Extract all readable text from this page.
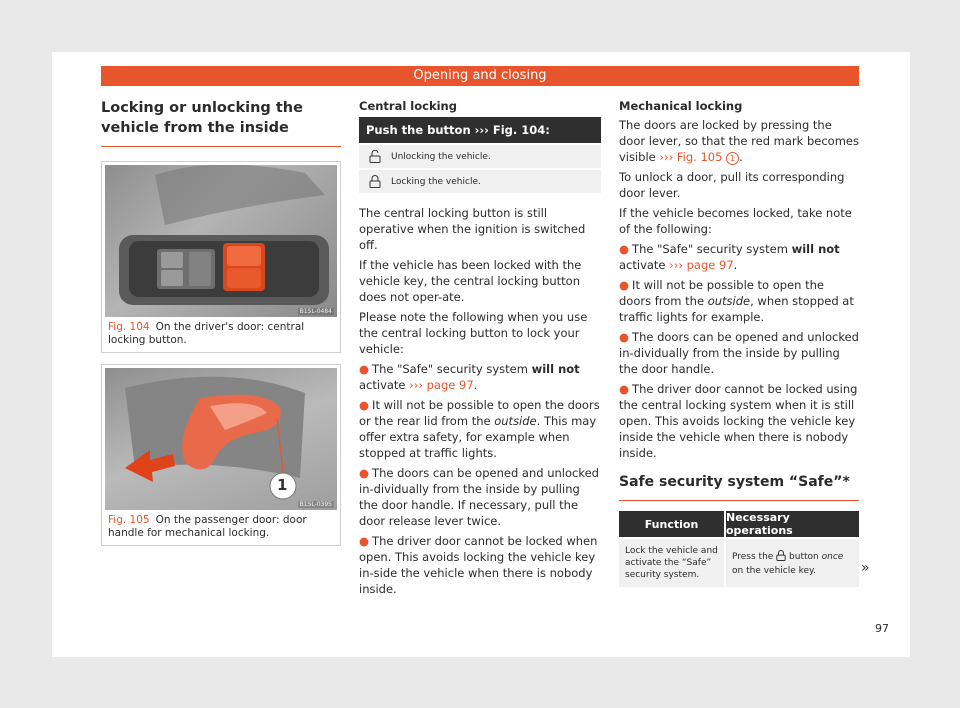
Opening and closing
Locking or unlocking the vehicle from the inside
B1SL-0484
Fig. 104 On the driver's door: central locking button.
1
B1SL-0395
Fig. 105 On the passenger door: door handle for mechanical locking.
Central locking
Push the button ››› Fig. 104:
Unlocking the vehicle.
Locking the vehicle.

The central locking button is still operative when the ignition is switched off.

If the vehicle has been locked with the vehicle key, the central locking button does not oper-ate.

Please note the following when you use the central locking button to lock your vehicle:

● The "Safe" security system will not activate ››› page 97.

● It will not be possible to open the doors or the rear lid from the outside. This may offer extra safety, for example when stopped at traffic lights.

● The doors can be opened and unlocked in-dividually from the inside by pulling the door handle. If necessary, pull the door release lever twice.

● The driver door cannot be locked when open. This avoids locking the vehicle key in-side the vehicle when there is nobody inside.

Mechanical locking

The doors are locked by pressing the door lever, so that the red mark becomes visible ››› Fig. 105 1 .

To unlock a door, pull its corresponding door lever.

If the vehicle becomes locked, take note of the following:

● The "Safe" security system will not activate ››› page 97.

● It will not be possible to open the doors from the outside, when stopped at traffic lights for example.

● The doors can be opened and unlocked in-dividually from the inside by pulling the door handle.

● The driver door cannot be locked using the central locking system when it is still open. This avoids locking the vehicle key inside the vehicle when there is nobody inside.

Safe security system “Safe”*
Function	Necessary operations
Lock the vehicle and activate the “Safe” security system.
Press the  button once on the vehicle key.	»
97
